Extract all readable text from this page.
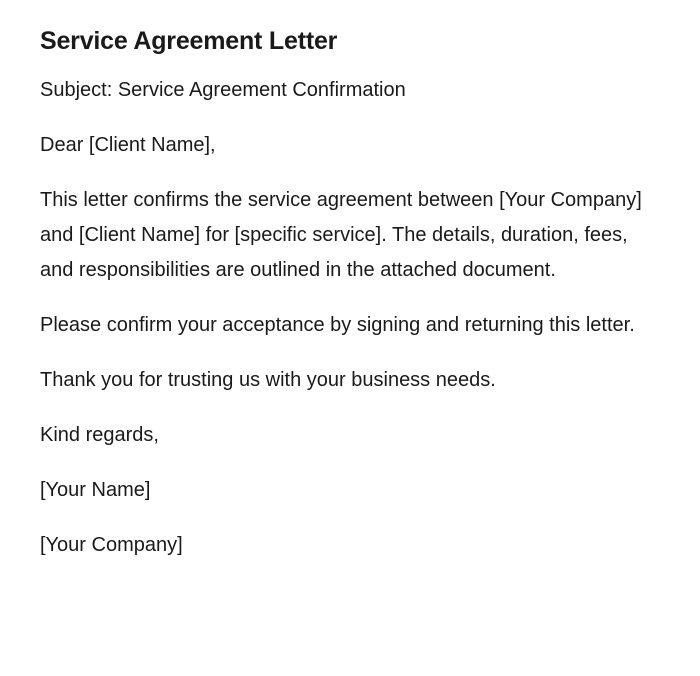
Service Agreement Letter

Subject: Service Agreement Confirmation

Dear [Client Name],

This letter confirms the service agreement between [Your Company] and [Client Name] for [specific service]. The details, duration, fees, and responsibilities are outlined in the attached document.

Please confirm your acceptance by signing and returning this letter.

Thank you for trusting us with your business needs.

Kind regards,

[Your Name]

[Your Company]
